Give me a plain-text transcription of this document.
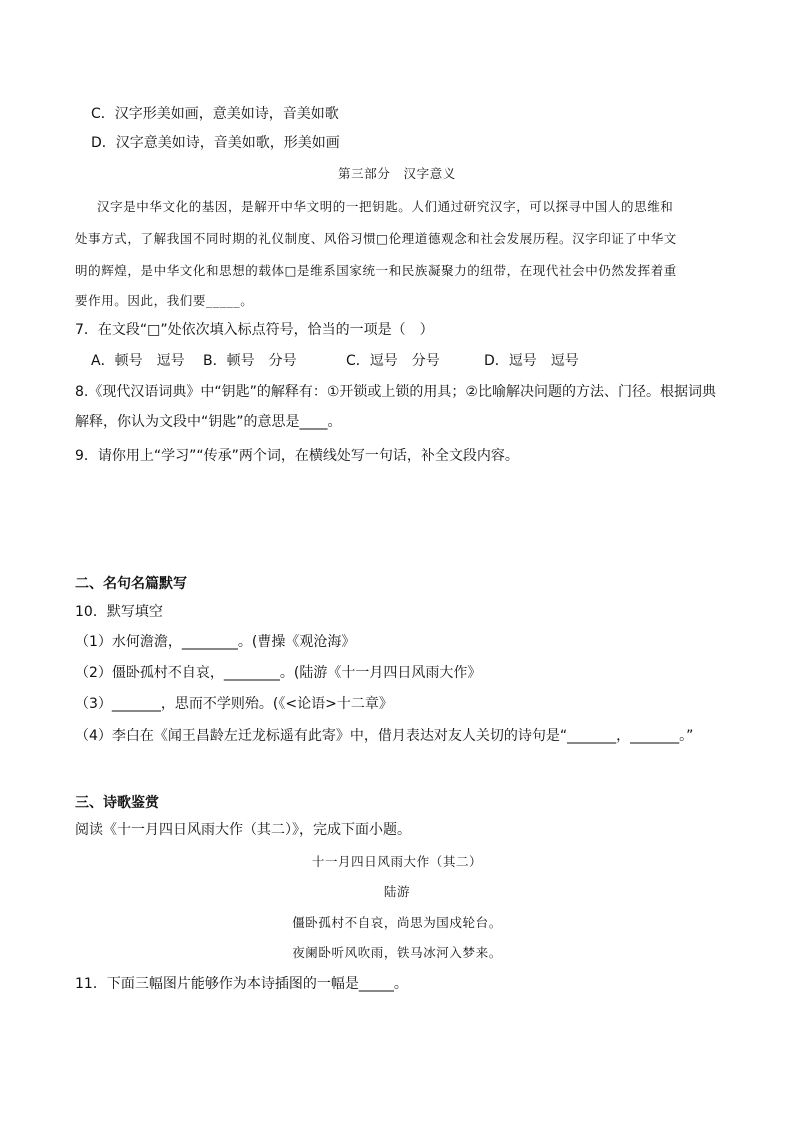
C．汉字形美如画，意美如诗，音美如歌
D．汉字意美如诗，音美如歌，形美如画
第三部分　汉字意义
汉字是中华文化的基因，是解开中华文明的一把钥匙。人们通过研究汉字，可以探寻中国人的思维和
处事方式，了解我国不同时期的礼仪制度、风俗习惯□伦理道德观念和社会发展历程。汉字印证了中华文
明的辉煌，是中华文化和思想的载体□是维系国家统一和民族凝聚力的纽带，在现代社会中仍然发挥着重
要作用。因此，我们要_____。
7．在文段“□”处依次填入标点符号，恰当的一项是（　）
A．顿号　逗号 B．顿号　分号	C．逗号　分号	D．逗号　逗号
8.《现代汉语词典》中“钥匙”的解释有：①开锁或上锁的用具；②比喻解决问题的方法、门径。根据词典
解释，你认为文段中“钥匙”的意思是____。
9．请你用上“学习”“传承”两个词，在横线处写一句话，补全文段内容。
二、名句名篇默写
10．默写填空
（1）水何澹澹，________。(曹操《观沧海》
（2）僵卧孤村不自哀，________。(陆游《十一月四日风雨大作》
（3）_______，思而不学则殆。(《<论语>十二章》
（4）李白在《闻王昌龄左迁龙标遥有此寄》中，借月表达对友人关切的诗句是“_______，_______。”
三、诗歌鉴赏
阅读《十一月四日风雨大作（其二）》，完成下面小题。
十一月四日风雨大作（其二）
陆游
僵卧孤村不自哀，尚思为国戍轮台。
夜阑卧听风吹雨，铁马冰河入梦来。
11．下面三幅图片能够作为本诗插图的一幅是_____。
